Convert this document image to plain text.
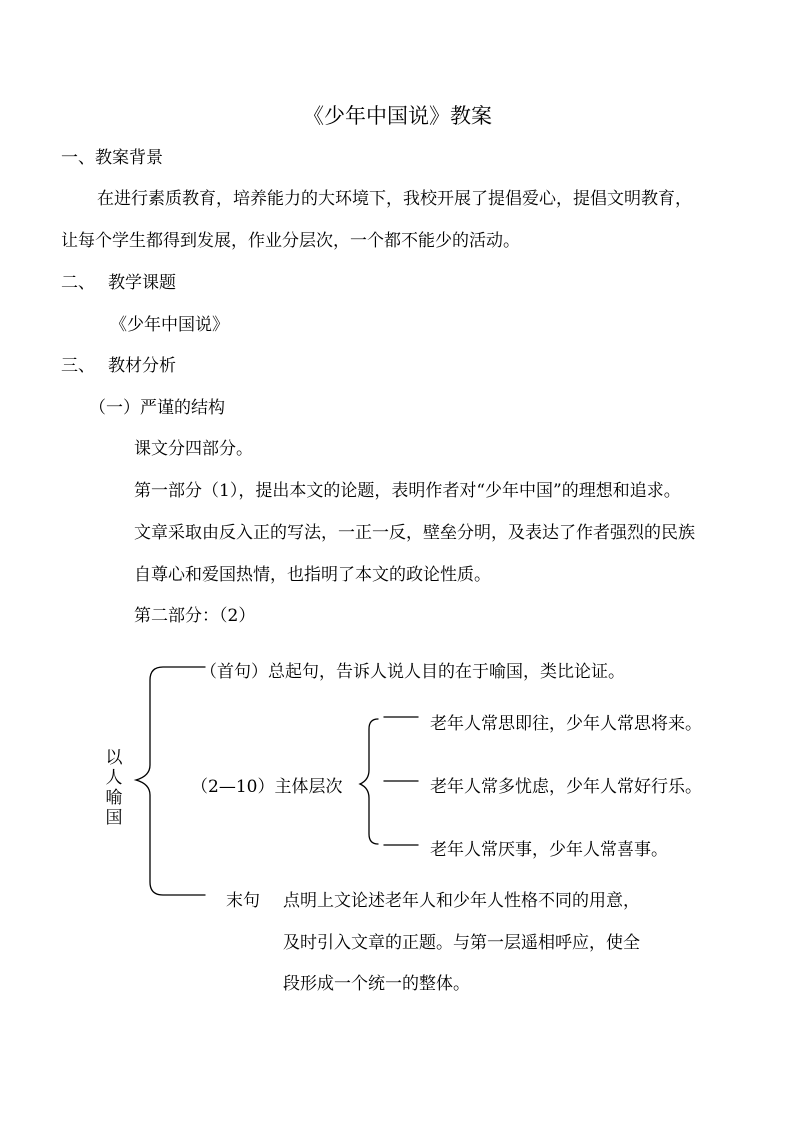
《少年中国说》教案
一、教案背景
在进行素质教育，培养能力的大环境下，我校开展了提倡爱心，提倡文明教育，
让每个学生都得到发展，作业分层次，一个都不能少的活动。
二、 教学课题
《少年中国说》
三、 教材分析
（一）严谨的结构
课文分四部分。
第一部分（1），提出本文的论题，表明作者对“少年中国”的理想和追求。
文章采取由反入正的写法，一正一反，壁垒分明，及表达了作者强烈的民族
自尊心和爱国热情，也指明了本文的政论性质。
第二部分：（2）
以人喻国
（首句）总起句，告诉人说人目的在于喻国，类比论证。
（2—10）主体层次
老年人常思即往，少年人常思将来。
老年人常多忧虑，少年人常好行乐。
老年人常厌事，少年人常喜事。
末句 点明上文论述老年人和少年人性格不同的用意，
及时引入文章的正题。与第一层遥相呼应，使全
段形成一个统一的整体。
